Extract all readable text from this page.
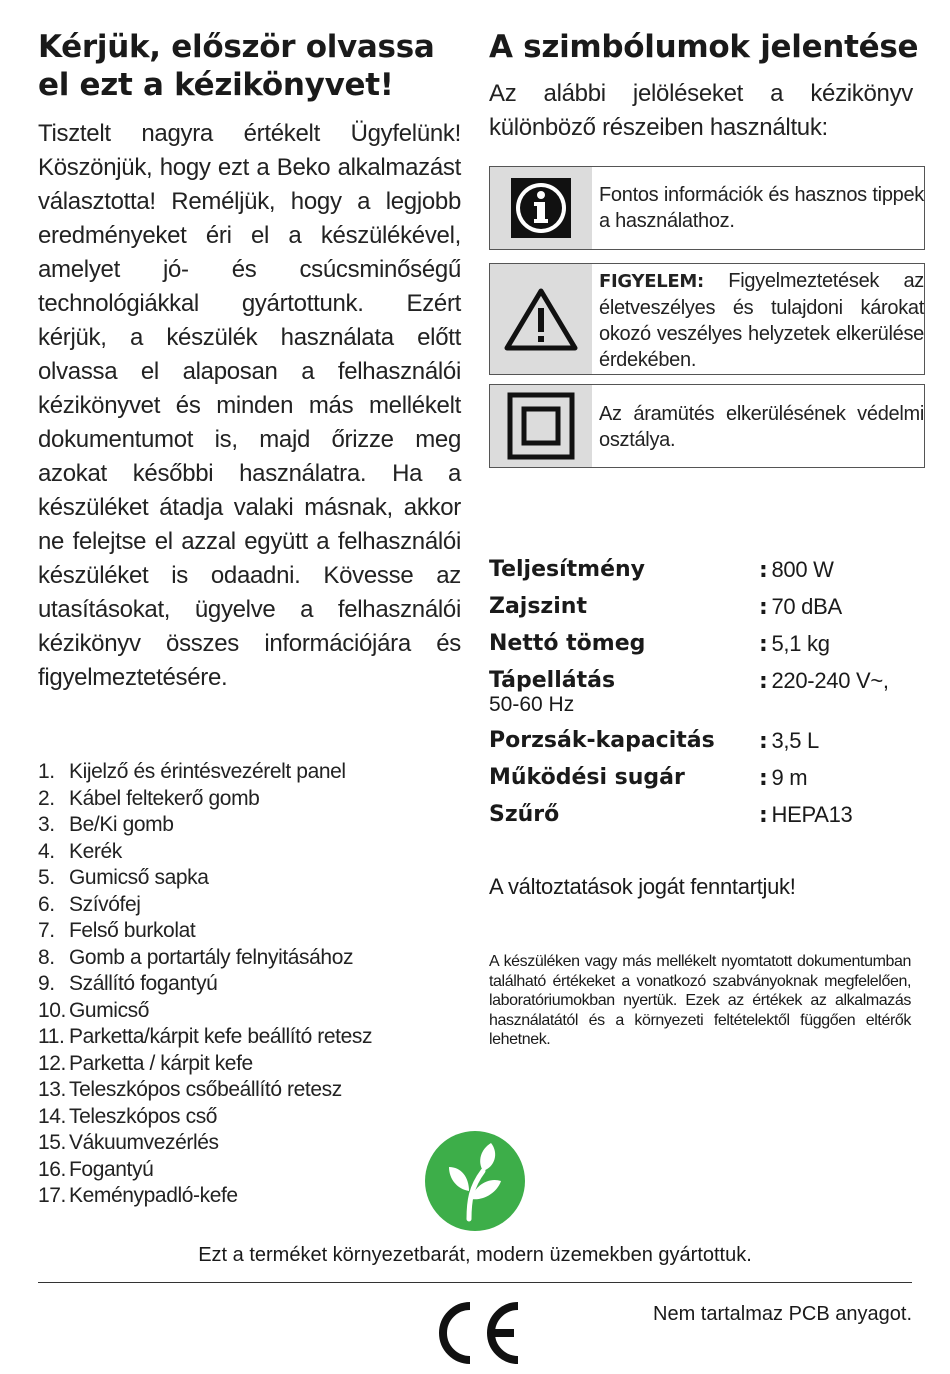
Kérjük, először olvassa el ezt a kézikönyvet!

Tisztelt nagyra értékelt Ügyfelünk! Köszönjük, hogy ezt a Beko alkalmazást választotta! Reméljük, hogy a legjobb eredményeket éri el a készülékével, amelyet jó- és csúcsminőségű technológiákkal gyártottunk. Ezért kérjük, a készülék használata előtt olvassa el alaposan a felhasználói kézikönyvet és minden más mellékelt dokumentumot is, majd őrizze meg azokat későbbi használatra. Ha a készüléket átadja valaki másnak, akkor ne felejtse el azzal együtt a felhasználói készüléket is odaadni. Kövesse az utasításokat, ügyelve a felhasználói kézikönyv összes információjára és figyelmeztetésére.

1. Kijelző és érintésvezérelt panel
2. Kábel feltekerő gomb
3. Be/Ki gomb
4. Kerék
5. Gumicső sapka
6. Szívófej
7. Felső burkolat
8. Gomb a portartály felnyitásához
9. Szállító fogantyú
10. Gumicső
11. Parketta/kárpit kefe beállító retesz
12. Parketta / kárpit kefe
13. Teleszkópos csőbeállító retesz
14. Teleszkópos cső
15. Vákuumvezérlés
16. Fogantyú
17. Keménypadló-kefe
A szimbólumok jelentése

Az alábbi jelöléseket a kézikönyv különböző részeiben használtuk:

Fontos információk és hasznos tippek a használathoz.
FIGYELEM: Figyelmeztetések az életveszélyes és tulajdoni károkat okozó veszélyes helyzetek elkerülése érdekében.
Az áramütés elkerülésének védelmi osztálya.
Teljesítmény	: 800 W
Zajszint	: 70 dBA
Nettó tömeg	: 5,1 kg
Tápellátás	: 220-240 V~,
50-60 Hz
Porzsák-kapacitás	: 3,5 L
Működési sugár	: 9 m
Szűrő	: HEPA13
A változtatások jogát fenntartjuk!
A készüléken vagy más mellékelt nyomtatott dokumentumban található értékeket a vonatkozó szabványoknak megfelelően, laboratóriumokban nyertük. Ezek az értékek az alkalmazás használatától és a környezeti feltételektől függően eltérők lehetnek.
Ezt a terméket környezetbarát, modern üzemekben gyártottuk.
Nem tartalmaz PCB anyagot.
